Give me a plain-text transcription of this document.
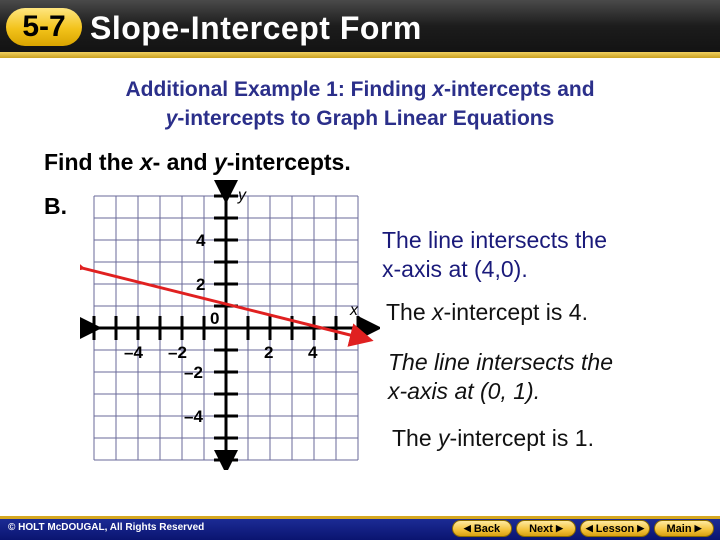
5-7 Slope-Intercept Form
Additional Example 1: Finding x-intercepts and
y-intercepts to Graph Linear Equations
Find the x- and y-intercepts.
B.
–4 –2	2 4
4
2
–2
–4
0	x
y
The line intersects the
x-axis at (4,0).
The x-intercept is 4.
The line intersects the
x-axis at (0, 1).
The y-intercept is 1.
© HOLT McDOUGAL, All Rights Reserved	◀ Back	Next ▶	◀ Lesson ▶ Main ▶
